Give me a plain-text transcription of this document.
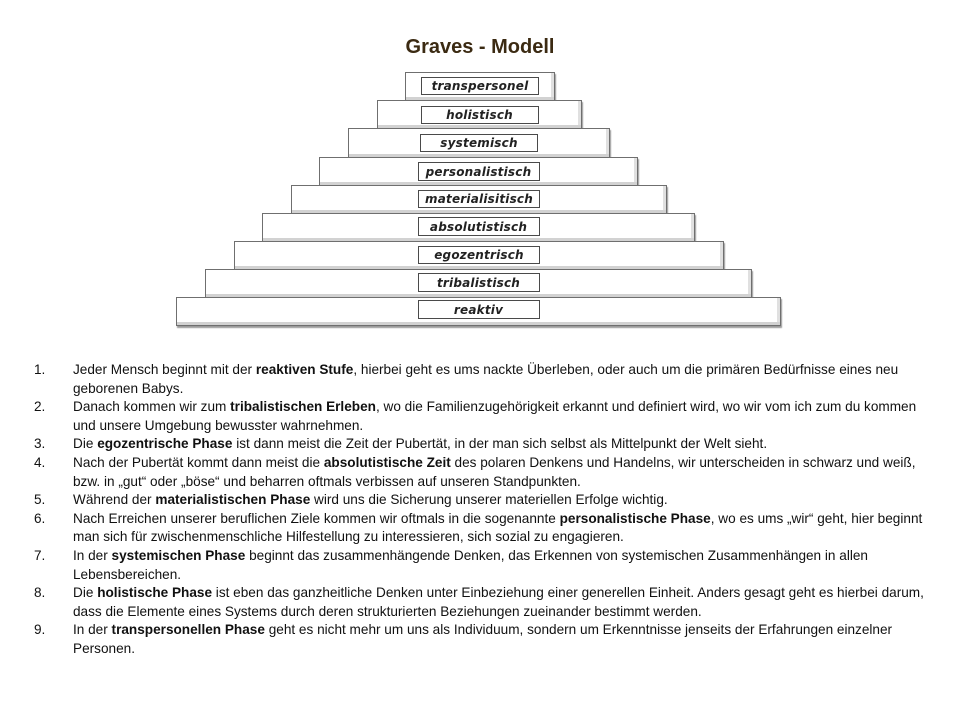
Graves - Modell
transpersonel
holistisch
systemisch
personalistisch
materialisitisch
absolutistisch
egozentrisch
tribalistisch
reaktiv
1. Jeder Mensch beginnt mit der reaktiven Stufe, hierbei geht es ums nackte Überleben, oder auch um die primären Bedürfnisse eines neu geborenen Babys.
2. Danach kommen wir zum tribalistischen Erleben, wo die Familienzugehörigkeit erkannt und definiert wird, wo wir vom ich zum du kommen und unsere Umgebung bewusster wahrnehmen.
3. Die egozentrische Phase ist dann meist die Zeit der Pubertät, in der man sich selbst als Mittelpunkt der Welt sieht.
4. Nach der Pubertät kommt dann meist die absolutistische Zeit des polaren Denkens und Handelns, wir unterscheiden in schwarz und weiß, bzw. in „gut“ oder „böse“ und beharren oftmals verbissen auf unseren Standpunkten.
5. Während der materialistischen Phase wird uns die Sicherung unserer materiellen Erfolge wichtig.
6. Nach Erreichen unserer beruflichen Ziele kommen wir oftmals in die sogenannte personalistische Phase, wo es ums „wir“ geht, hier beginnt man sich für zwischenmenschliche Hilfestellung zu interessieren, sich sozial zu engagieren.
7. In der systemischen Phase beginnt das zusammenhängende Denken, das Erkennen von systemischen Zusammenhängen in allen Lebensbereichen.
8. Die holistische Phase ist eben das ganzheitliche Denken unter Einbeziehung einer generellen Einheit. Anders gesagt geht es hierbei darum, dass die Elemente eines Systems durch deren strukturierten Beziehungen zueinander bestimmt werden.
9. In der transpersonellen Phase geht es nicht mehr um uns als Individuum, sondern um Erkenntnisse jenseits der Erfahrungen einzelner Personen.
